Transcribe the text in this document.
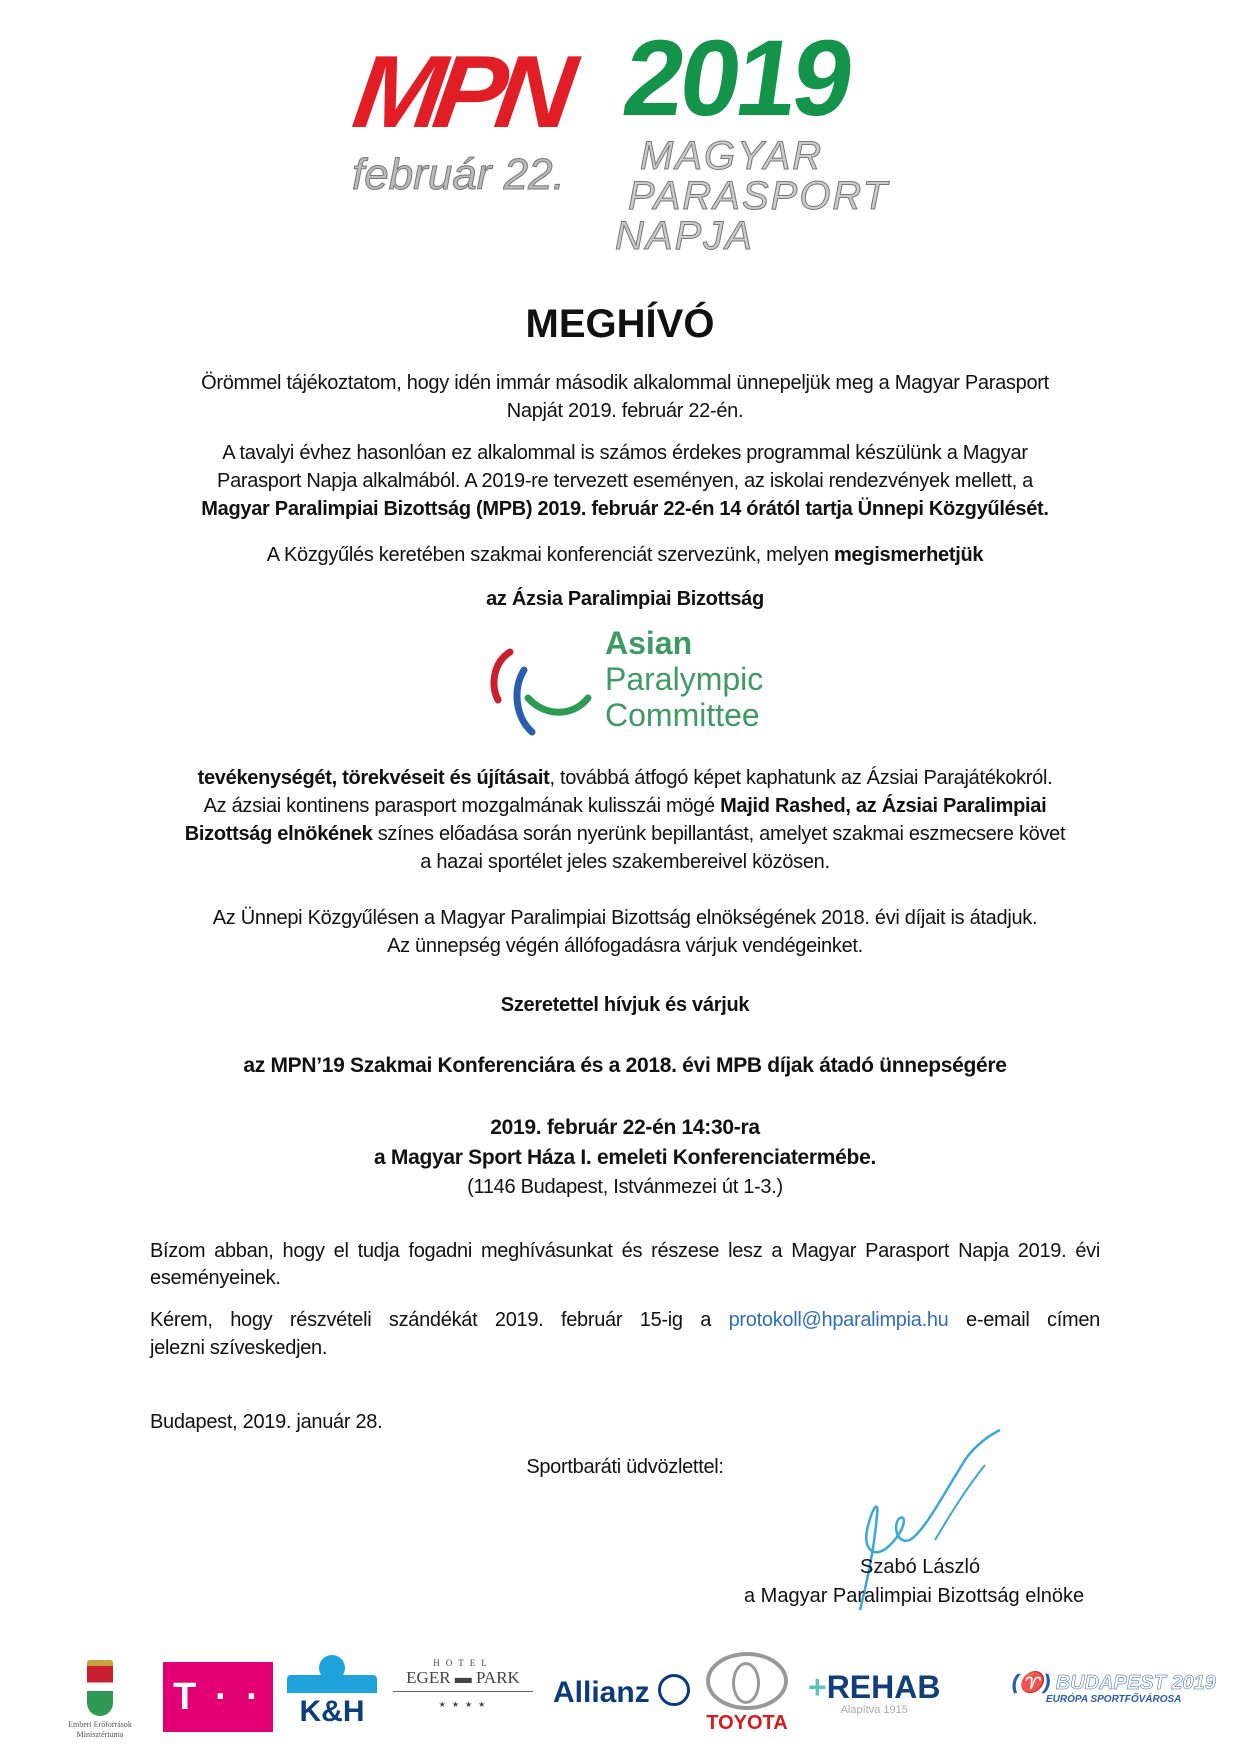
MPN 2019
február 22. MAGYAR
PARASPORT
NAPJA
MEGHÍVÓ
Örömmel tájékoztatom, hogy idén immár második alkalommal ünnepeljük meg a Magyar Parasport
Napját 2019. február 22-én.
A tavalyi évhez hasonlóan ez alkalommal is számos érdekes programmal készülünk a Magyar
Parasport Napja alkalmából. A 2019-re tervezett eseményen, az iskolai rendezvények mellett, a
Magyar Paralimpiai Bizottság (MPB) 2019. február 22-én 14 órától tartja Ünnepi Közgyűlését.
A Közgyűlés keretében szakmai konferenciát szervezünk, melyen megismerhetjük
az Ázsia Paralimpiai Bizottság
Asian
Paralympic
Committee
tevékenységét, törekvéseit és újításait, továbbá átfogó képet kaphatunk az Ázsiai Parajátékokról.
Az ázsiai kontinens parasport mozgalmának kulisszái mögé Majid Rashed, az Ázsiai Paralimpiai
Bizottság elnökének színes előadása során nyerünk bepillantást, amelyet szakmai eszmecsere követ
a hazai sportélet jeles szakembereivel közösen.
Az Ünnepi Közgyűlésen a Magyar Paralimpiai Bizottság elnökségének 2018. évi díjait is átadjuk.
Az ünnepség végén állófogadásra várjuk vendégeinket.
Szeretettel hívjuk és várjuk
az MPN’19 Szakmai Konferenciára és a 2018. évi MPB díjak átadó ünnepségére
2019. február 22-én 14:30-ra
a Magyar Sport Háza I. emeleti Konferenciatermébe.
(1146 Budapest, Istvánmezei út 1-3.)
Bízom abban, hogy el tudja fogadni meghívásunkat és részese lesz a Magyar Parasport Napja 2019. évi
eseményeinek.
Kérem, hogy részvételi szándékát 2019. február 15-ig a protokoll@hparalimpia.hu e-email címen
jelezni szíveskedjen.
Budapest, 2019. január 28.
Sportbaráti üdvözlettel:
Szabó László
a Magyar Paralimpiai Bizottság elnöke
Emberi Erőforrások
Minisztériuma
T · ·	K&H
HOTEL
EGER ▬ PARK
★ ★ ★ ★	Allianz
TOYOTA
+REHAB
Alapítva 1915
(♈) BUDAPEST 2019
EURÓPA SPORTFŐVÁROSA
